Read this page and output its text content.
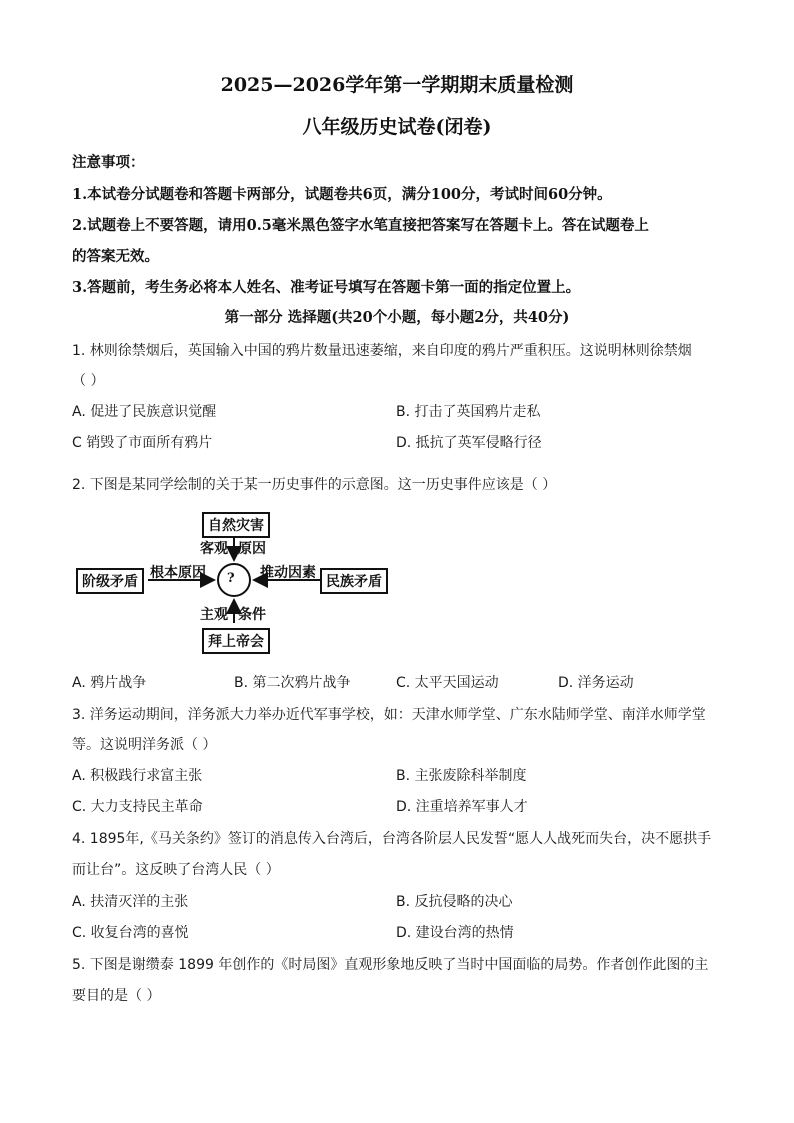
2025—2026学年第一学期期末质量检测
八年级历史试卷(闭卷)
注意事项：
1.本试卷分试题卷和答题卡两部分，试题卷共6页，满分100分，考试时间60分钟。
2.试题卷上不要答题，请用0.5毫米黑色签字水笔直接把答案写在答题卡上。答在试题卷上
的答案无效。
3.答题前，考生务必将本人姓名、准考证号填写在答题卡第一面的指定位置上。
第一部分 选择题(共20个小题，每小题2分，共40分)
1. 林则徐禁烟后，英国输入中国的鸦片数量迅速萎缩，来自印度的鸦片严重积压。这说明林则徐禁烟
（ ）
A. 促进了民族意识觉醒	B. 打击了英国鸦片走私
C 销毁了市面所有鸦片	D. 抵抗了英军侵略行径
2. 下图是某同学绘制的关于某一历史事件的示意图。这一历史事件应该是（ ）
自然灾害
客观 原因
阶级矛盾
根本原因 ? 推动因素
民族矛盾
主观 条件
拜上帝会
A. 鸦片战争	B. 第二次鸦片战争	C. 太平天国运动	D. 洋务运动
3. 洋务运动期间，洋务派大力举办近代军事学校，如：天津水师学堂、广东水陆师学堂、南洋水师学堂
等。这说明洋务派（ ）
A. 积极践行求富主张	B. 主张废除科举制度
C. 大力支持民主革命	D. 注重培养军事人才
4. 1895年,《马关条约》签订的消息传入台湾后，台湾各阶层人民发誓“愿人人战死而失台，决不愿拱手
而让台”。这反映了台湾人民（ ）
A. 扶清灭洋的主张	B. 反抗侵略的决心
C. 收复台湾的喜悦	D. 建设台湾的热情
5. 下图是谢缵泰 1899 年创作的《时局图》直观形象地反映了当时中国面临的局势。作者创作此图的主
要目的是（ ）
